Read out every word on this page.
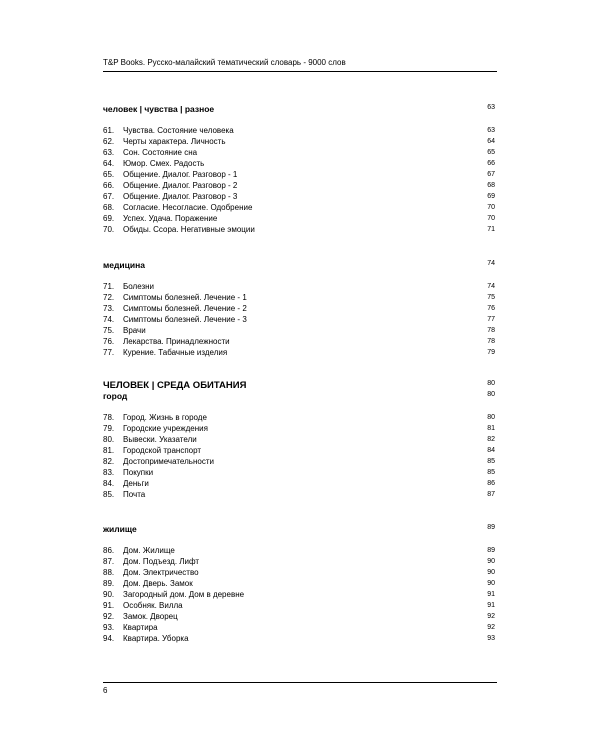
T&P Books. Русско-малайский тематический словарь - 9000 слов
человек | чувства | разное	63
61. Чувства. Состояние человека	63
62. Черты характера. Личность	64
63. Сон. Состояние сна	65
64. Юмор. Смех. Радость	66
65. Общение. Диалог. Разговор - 1	67
66. Общение. Диалог. Разговор - 2	68
67. Общение. Диалог. Разговор - 3	69
68. Согласие. Несогласие. Одобрение	70
69. Успех. Удача. Поражение	70
70. Обиды. Ссора. Негативные эмоции	71
медицина	74
71. Болезни	74
72. Симптомы болезней. Лечение - 1	75
73. Симптомы болезней. Лечение - 2	76
74. Симптомы болезней. Лечение - 3	77
75. Врачи	78
76. Лекарства. Принадлежности	78
77. Курение. Табачные изделия	79
ЧЕЛОВЕК | СРЕДА ОБИТАНИЯ	80
город	80
78. Город. Жизнь в городе	80
79. Городские учреждения	81
80. Вывески. Указатели	82
81. Городской транспорт	84
82. Достопримечательности	85
83. Покупки	85
84. Деньги	86
85. Почта	87
жилище	89
86. Дом. Жилище	89
87. Дом. Подъезд. Лифт	90
88. Дом. Электричество	90
89. Дом. Дверь. Замок	90
90. Загородный дом. Дом в деревне	91
91. Особняк. Вилла	91
92. Замок. Дворец	92
93. Квартира	92
94. Квартира. Уборка	93
6
